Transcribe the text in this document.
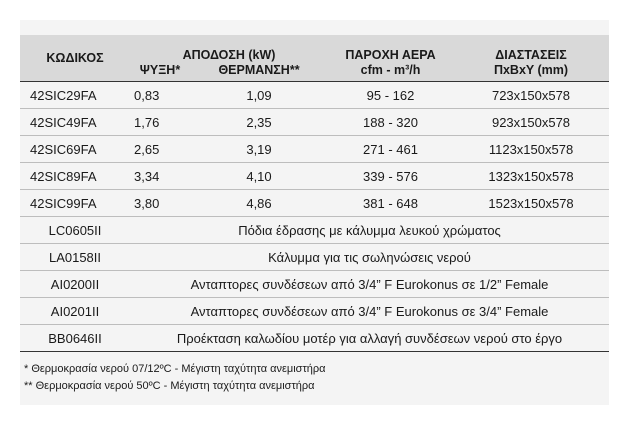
ΚΩΔΙΚΟΣ	ΑΠΟΔΟΣΗ (kW)		ΠΑΡΟΧΗ ΑΕΡΑ	ΔΙΑΣΤΑΣΕΙΣ
	ΨΥΞΗ*	ΘΕΡΜΑΝΣΗ**	cfm - m³/h	ΠxBxY (mm)
42SIC29FA	0,83	1,09	95 - 162	723x150x578
42SIC49FA	1,76	2,35	188 - 320	923x150x578
42SIC69FA	2,65	3,19	271 - 461	1123x150x578
42SIC89FA	3,34	4,10	339 - 576	1323x150x578
42SIC99FA	3,80	4,86	381 - 648	1523x150x578
LC0605II	Πόδια έδρασης με κάλυμμα λευκού χρώματος			
LA0158II	Κάλυμμα για τις σωληνώσεις νερού			
AI0200II	Ανταπτορες συνδέσεων από 3/4” F Eurokonus σε 1/2” Female			
AI0201II	Ανταπτορες συνδέσεων από 3/4” F Eurokonus σε 3/4” Female			
BB0646II	Προέκταση καλωδίου μοτέρ για αλλαγή συνδέσεων νερού στο έργο			
* Θερμοκρασία νερού 07/12ºC - Μέγιστη ταχύτητα ανεμιστήρα
** Θερμοκρασία νερού 50ºC - Μέγιστη ταχύτητα ανεμιστήρα
